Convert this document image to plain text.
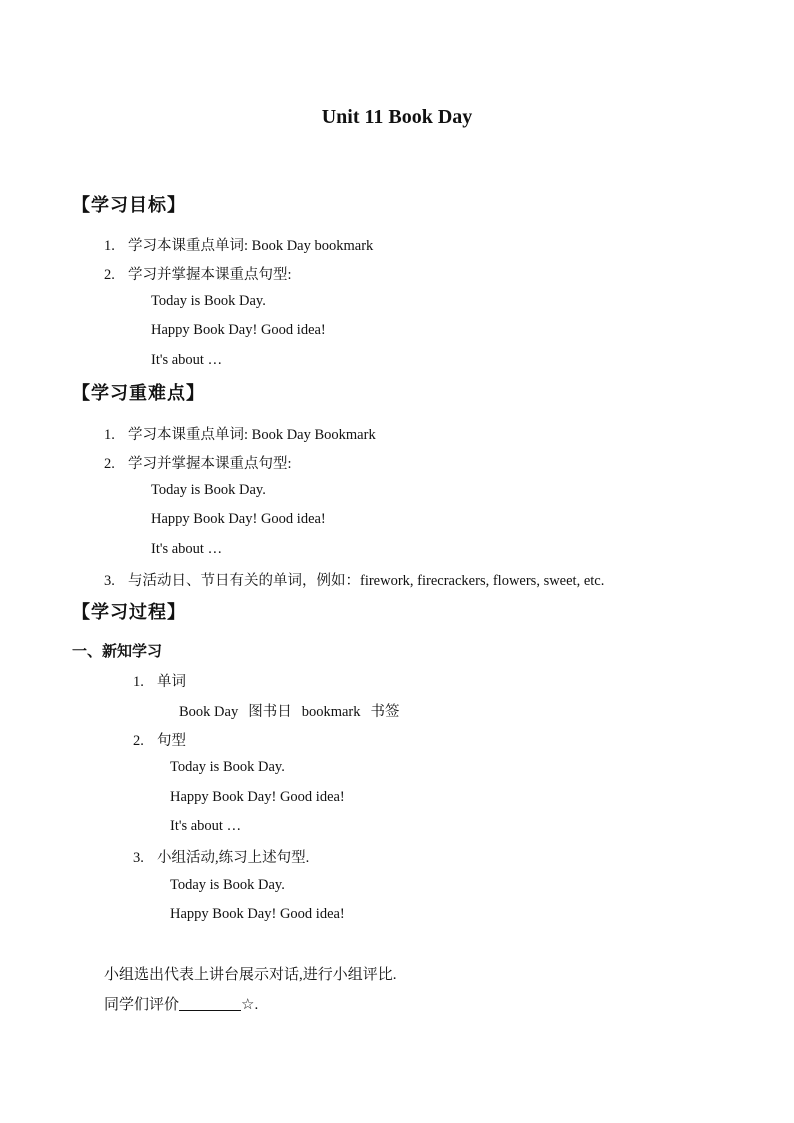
Unit 11 Book Day
【学习目标】
1. 学习本课重点单词: Book Day bookmark
2. 学习并掌握本课重点句型:
Today is Book Day.
Happy Book Day! Good idea!
It's about …
【学习重难点】
1. 学习本课重点单词: Book Day Bookmark
2. 学习并掌握本课重点句型:
Today is Book Day.
Happy Book Day! Good idea!
It's about …
3. 与活动日、节日有关的单词，例如：firework, firecrackers, flowers, sweet, etc.
【学习过程】
一、新知学习
1. 单词
Book Day 图书日 bookmark 书签
2. 句型
Today is Book Day.
Happy Book Day! Good idea!
It's about …
3. 小组活动,练习上述句型.
Today is Book Day.
Happy Book Day! Good idea!
小组选出代表上讲台展示对话,进行小组评比.
同学们评价	☆.
